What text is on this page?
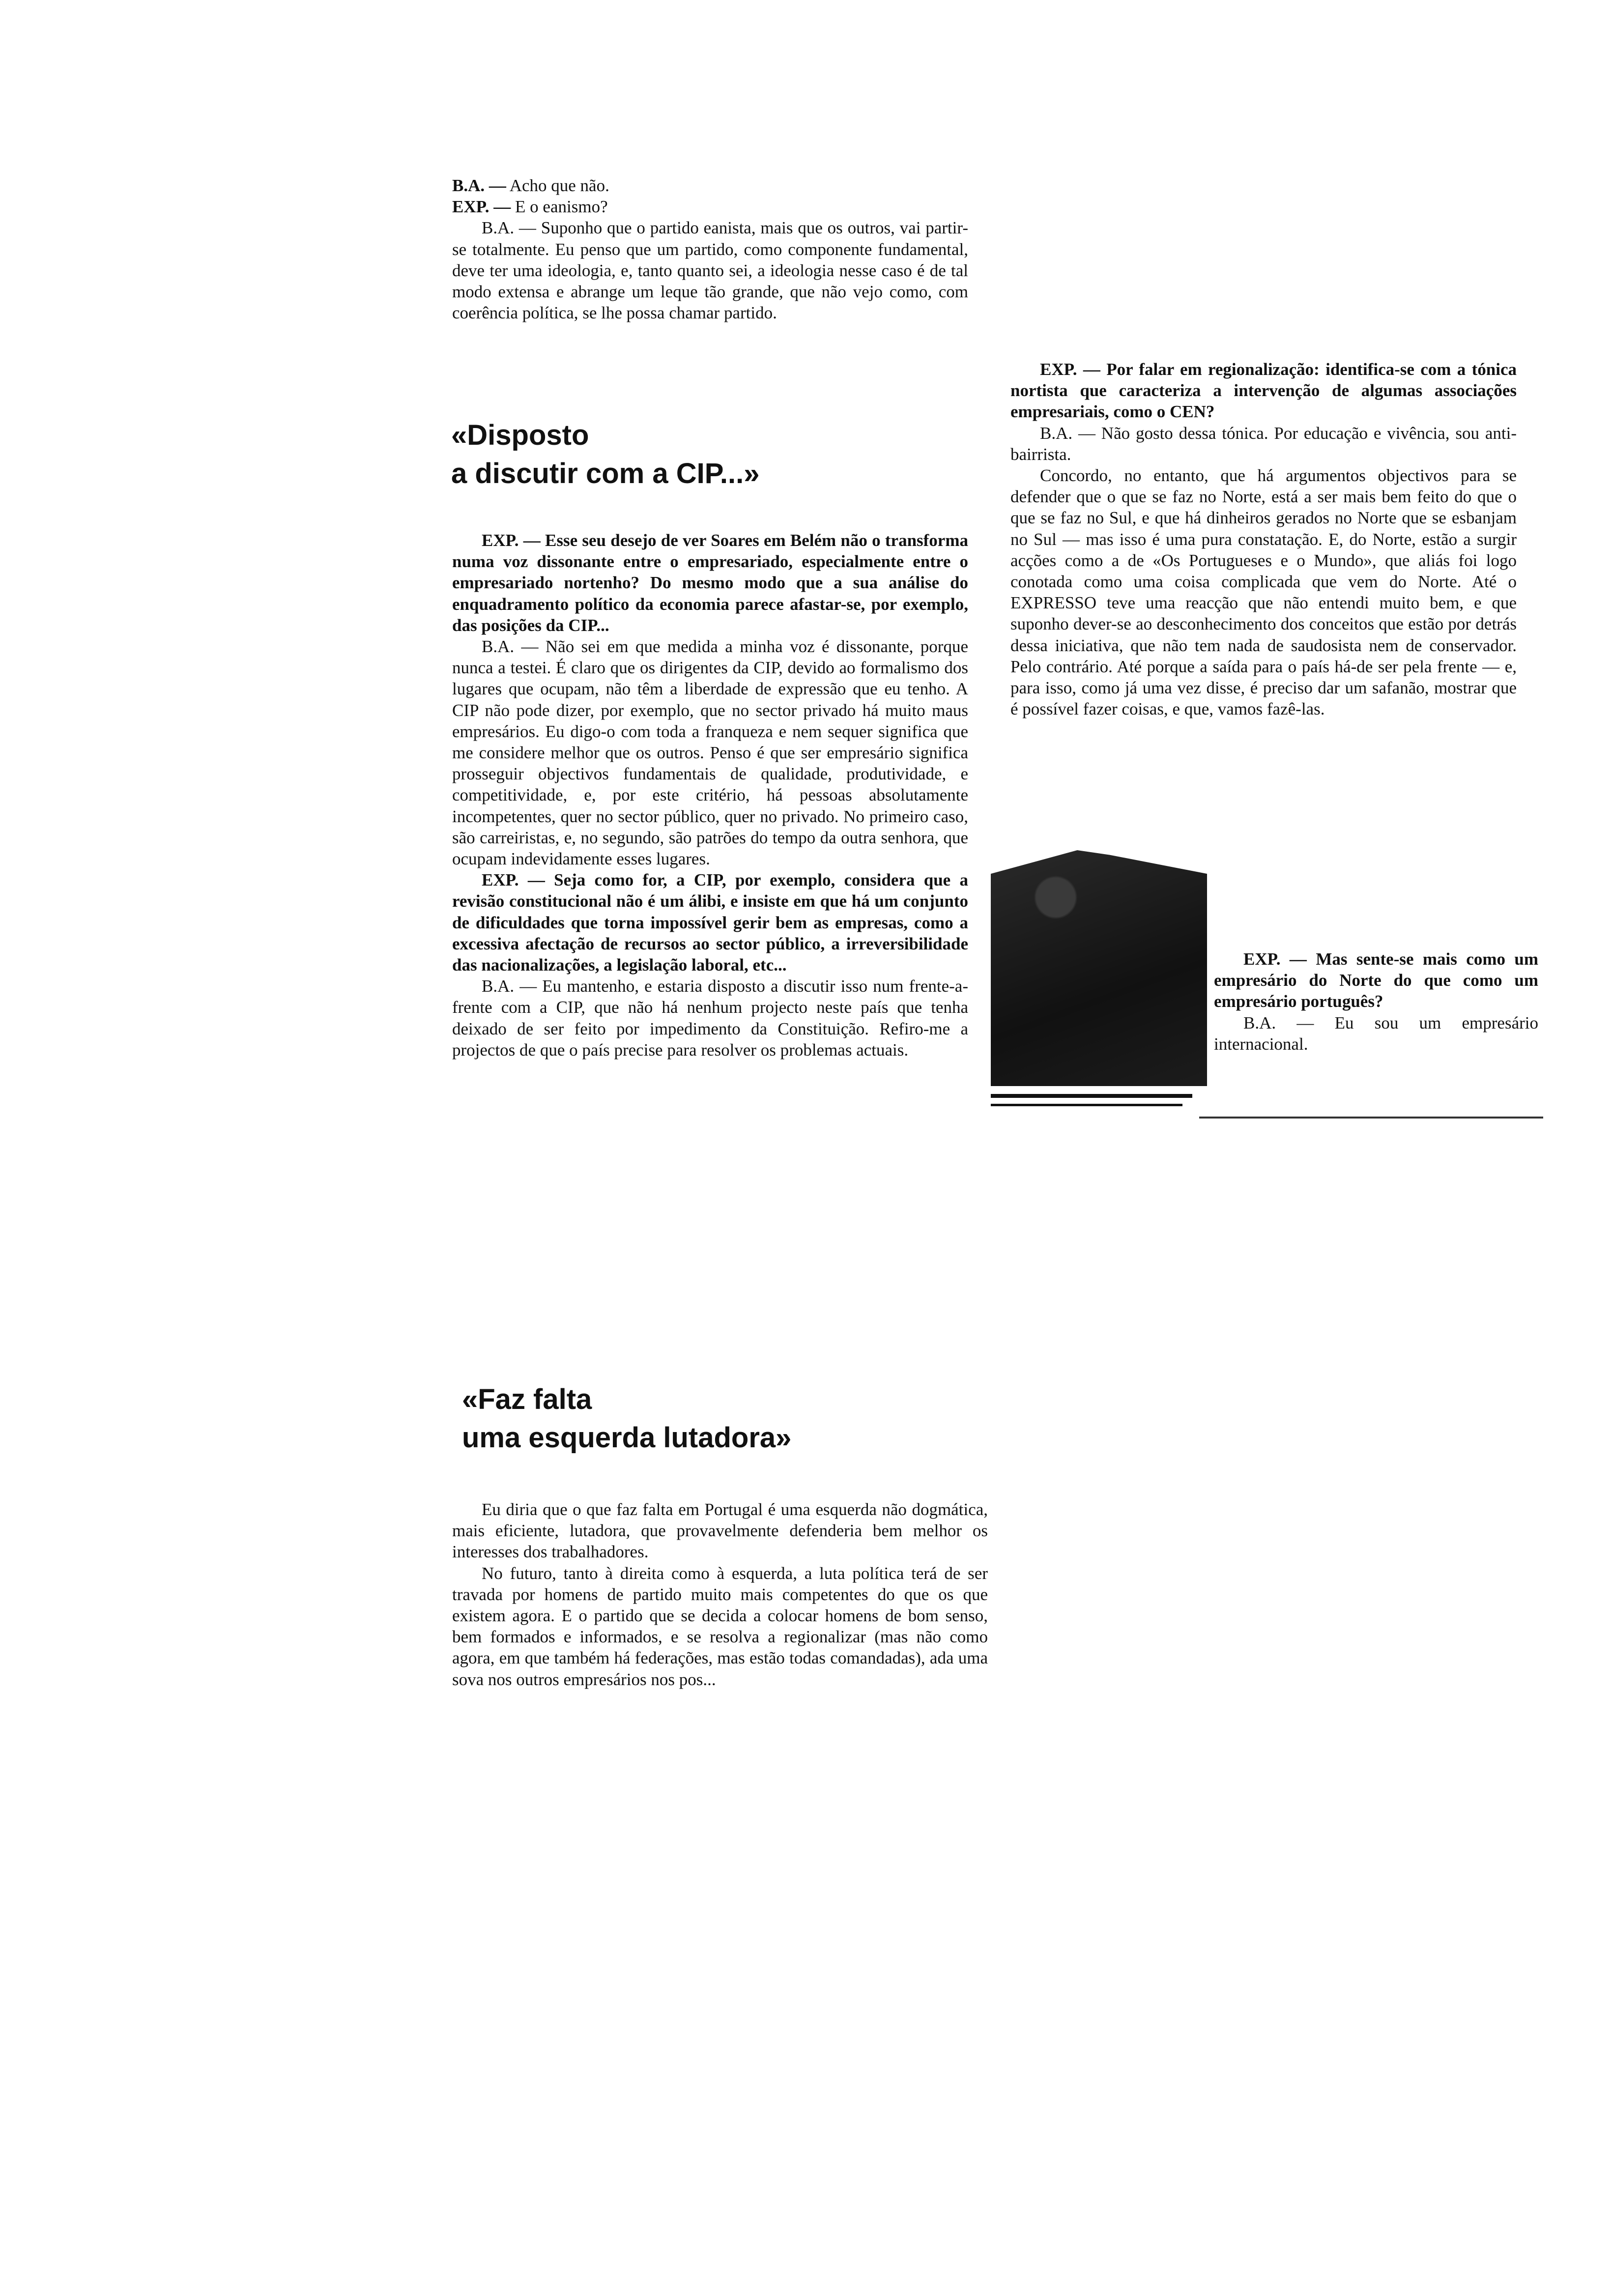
B.A. — Acho que não.

EXP. — E o eanismo?

B.A. — Suponho que o partido eanista, mais que os outros, vai partir-se totalmente. Eu penso que um partido, como componente fundamental, deve ter uma ideologia, e, tanto quanto sei, a ideologia nesse caso é de tal modo extensa e abrange um leque tão grande, que não vejo como, com coerência política, se lhe possa chamar partido.

«Disposto
a discutir com a CIP...»

EXP. — Esse seu desejo de ver Soares em Belém não o transforma numa voz dissonante entre o empresariado, especialmente entre o empresariado nortenho? Do mesmo modo que a sua análise do enquadramento político da economia parece afastar-se, por exemplo, das posições da CIP...

B.A. — Não sei em que medida a minha voz é dissonante, porque nunca a testei. É claro que os dirigentes da CIP, devido ao formalismo dos lugares que ocupam, não têm a liberdade de expressão que eu tenho. A CIP não pode dizer, por exemplo, que no sector privado há muito maus empresários. Eu digo-o com toda a franqueza e nem sequer significa que me considere melhor que os outros. Penso é que ser empresário significa prosseguir objectivos fundamentais de qualidade, produtividade, e competitividade, e, por este critério, há pessoas absolutamente incompetentes, quer no sector público, quer no privado. No primeiro caso, são carreiristas, e, no segundo, são patrões do tempo da outra senhora, que ocupam indevidamente esses lugares.

EXP. — Seja como for, a CIP, por exemplo, considera que a revisão constitucional não é um álibi, e insiste em que há um conjunto de dificuldades que torna impossível gerir bem as empresas, como a excessiva afectação de recursos ao sector público, a irreversibilidade das nacionalizações, a legislação laboral, etc...

B.A. — Eu mantenho, e estaria disposto a discutir isso num frente-a-frente com a CIP, que não há nenhum projecto neste país que tenha deixado de ser feito por impedimento da Constituição. Refiro-me a projectos de que o país precise para resolver os problemas actuais.

«Faz falta
uma esquerda lutadora»

Eu diria que o que faz falta em Portugal é uma esquerda não dogmática, mais eficiente, lutadora, que provavelmente defenderia bem melhor os interesses dos trabalhadores.

No futuro, tanto à direita como à esquerda, a luta política terá de ser travada por homens de partido muito mais competentes do que os que existem agora. E o partido que se decida a colocar homens de bom senso, bem formados e informados, e se resolva a regionalizar (mas não como agora, em que também há federações, mas estão todas comandadas), ada uma sova nos outros empresários nos pos...

EXP. — Por falar em regionalização: identifica-se com a tónica nortista que caracteriza a intervenção de algumas associações empresariais, como o CEN?

B.A. — Não gosto dessa tónica. Por educação e vivência, sou anti-bairrista.

Concordo, no entanto, que há argumentos objectivos para se defender que o que se faz no Norte, está a ser mais bem feito do que o que se faz no Sul, e que há dinheiros gerados no Norte que se esbanjam no Sul — mas isso é uma pura constatação. E, do Norte, estão a surgir acções como a de «Os Portugueses e o Mundo», que aliás foi logo conotada como uma coisa complicada que vem do Norte. Até o EXPRESSO teve uma reacção que não entendi muito bem, e que suponho dever-se ao desconhecimento dos conceitos que estão por detrás dessa iniciativa, que não tem nada de saudosista nem de conservador. Pelo contrário. Até porque a saída para o país há-de ser pela frente — e, para isso, como já uma vez disse, é preciso dar um safanão, mostrar que é possível fazer coisas, e que, vamos fazê-las.

EXP. — Mas sente-se mais como um empresário do Norte do que como um empresário português?

B.A. — Eu sou um empresário internacional.
